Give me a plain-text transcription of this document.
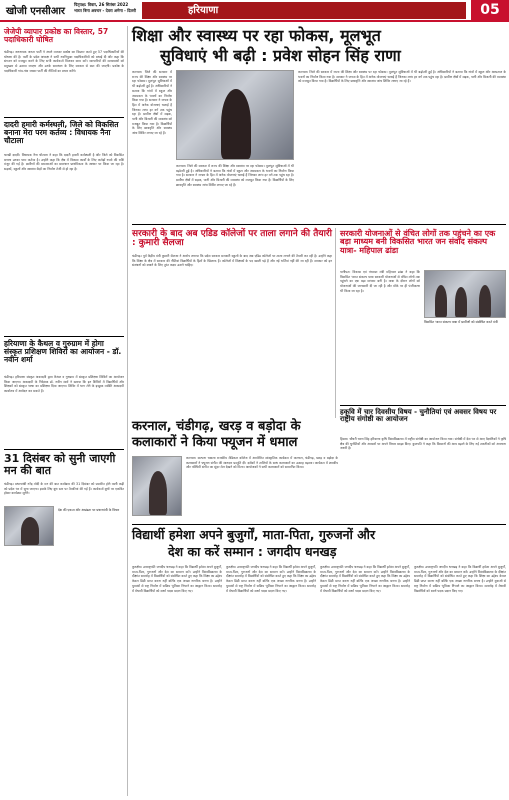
खोजी एनसीआर
पितृपक्ष: विवार, 26 सितंबर 2022
भारत बिना अवचन - देवरा अमेगा - दिल्ली	हरियाणा	05
जेजेपी व्यापार प्रकोष्ठ का विस्तार, 57 पदाधिकारी घोषित
चंडीगढ़। जननायक जनता पार्टी ने अपने व्यापार प्रकोष्ठ का विस्तार करते हुए 57 पदाधिकारियों की घोषणा की है। पार्टी के प्रदेश अध्यक्ष ने सभी नवनियुक्त पदाधिकारियों को बधाई दी और कहा कि संगठन को मजबूत करने के लिए सभी कार्यकर्ता मिलकर काम करें। व्यापारियों की समस्याओं को प्रमुखता से उठाया जाएगा और उनके समाधान के लिए सरकार से बात की जाएगी। प्रकोष्ठ के पदाधिकारी गांव-गांव जाकर पार्टी की नीतियों का प्रचार करेंगे।
दादरी हमारी कर्मस्थली, जिले को विकसित बनाना मेरा परम कर्तव्य : विधायक नैना चौटाला
चरखी दादरी। विधायक नैना चौटाला ने कहा कि दादरी हमारी कर्मस्थली है और जिले को विकसित बनाना उनका परम कर्तव्य है। उन्होंने कहा कि क्षेत्र में विकास कार्यों के लिए करोड़ों रुपये की राशि मंजूर की गई है। ग्रामीणों की समस्याओं का समाधान प्राथमिकता के आधार पर किया जा रहा है। सड़कों, स्कूलों और स्वास्थ्य केंद्रों का निर्माण तेजी से हो रहा है।
हरियाणा के कैथल व गुरुग्राम में होगा संस्कृत प्रशिक्षण शिविरों का आयोजन - डॉ. नवीन शर्मा
चंडीगढ़। हरियाणा संस्कृत अकादमी द्वारा कैथल व गुरुग्राम में संस्कृत प्रशिक्षण शिविरों का आयोजन किया जाएगा। अकादमी के निदेशक डॉ. नवीन शर्मा ने बताया कि इन शिविरों में विद्यार्थियों और शिक्षकों को संस्कृत भाषा का प्रशिक्षण दिया जाएगा। शिविर में भाग लेने के इच्छुक व्यक्ति अकादमी कार्यालय में आवेदन कर सकते हैं।
31 दिसंबर को सुनी जाएगी मन की बात
चंडीगढ़। प्रधानमंत्री नरेंद्र मोदी के मन की बात कार्यक्रम की 31 दिसंबर को प्रसारित होने वाली कड़ी को प्रदेश भर में सुना जाएगा। इसके लिए बूथ स्तर पर तैयारियां की गई हैं। कार्यकर्ता बूथों पर एकत्रित होकर कार्यक्रम सुनेंगे।
देश की एकता और अखंडता पर प्रधानमंत्री के विचार
शिक्षा और स्वास्थ्य पर रहा फोकस, मूलभूत
सुविधाएं भी बढ़ी : प्रवेश सोहन सिंह राणा
करनाल। जिले की सरकार में राज्य की शिक्षा और स्वास्थ्य पर रहा फोकस। मूलभूत सुविधाओं में भी बढ़ोतरी हुई है। अधिकारियों ने बताया कि गांवों में स्कूल और अस्पताल के भवनों का निर्माण किया गया है। सरकार ने जनता के हित में अनेक योजनाएं चलाई हैं जिनका लाभ हर वर्ग तक पहुंच रहा है। ग्रामीण क्षेत्रों में सड़क, पानी और बिजली की व्यवस्था को मजबूत किया गया है। विद्यार्थियों के लिए छात्रवृत्ति और स्वास्थ्य जांच शिविर लगाए जा रहे हैं।
करनाल। जिले की सरकार में राज्य की शिक्षा और स्वास्थ्य पर रहा फोकस। मूलभूत सुविधाओं में भी बढ़ोतरी हुई है। अधिकारियों ने बताया कि गांवों में स्कूल और अस्पताल के भवनों का निर्माण किया गया है। सरकार ने जनता के हित में अनेक योजनाएं चलाई हैं जिनका लाभ हर वर्ग तक पहुंच रहा है। ग्रामीण क्षेत्रों में सड़क, पानी और बिजली की व्यवस्था को मजबूत किया गया है। विद्यार्थियों के लिए छात्रवृत्ति और स्वास्थ्य जांच शिविर लगाए जा रहे हैं।
करनाल। जिले की सरकार में राज्य की शिक्षा और स्वास्थ्य पर रहा फोकस। मूलभूत सुविधाओं में भी बढ़ोतरी हुई है। अधिकारियों ने बताया कि गांवों में स्कूल और अस्पताल के भवनों का निर्माण किया गया है। सरकार ने जनता के हित में अनेक योजनाएं चलाई हैं जिनका लाभ हर वर्ग तक पहुंच रहा है। ग्रामीण क्षेत्रों में सड़क, पानी और बिजली की व्यवस्था को मजबूत किया गया है। विद्यार्थियों के लिए छात्रवृत्ति और स्वास्थ्य जांच शिविर लगाए जा रहे हैं।
सरकारी के बाद अब एडिड कॉलेजों पर ताला लगाने की तैयारी : कुमारी सैलजा
चंडीगढ़। पूर्व केंद्रीय मंत्री कुमारी सैलजा ने आरोप लगाया कि प्रदेश सरकार सरकारी स्कूलों के बाद अब एडिड कॉलेजों पर ताला लगाने की तैयारी कर रही है। उन्होंने कहा कि शिक्षा के क्षेत्र में सरकार की नीतियां विद्यार्थियों के हितों के खिलाफ हैं। कॉलेजों में शिक्षकों के पद खाली पड़े हैं और नई भर्तियां नहीं की जा रही हैं। सरकार को इन संस्थानों को बचाने के लिए तुरंत कदम उठाने चाहिए।
सरकारी योजनाओं से वंचित लोगों तक पहुंचने का एक बड़ा माध्यम बनी विकसित भारत जन संवाद संकल्प यात्रा- महिपाल ढांडा
पानीपत। विकास एवं पंचायत मंत्री महिपाल ढांडा ने कहा कि विकसित भारत संकल्प यात्रा सरकारी योजनाओं से वंचित लोगों तक पहुंचने का एक बड़ा माध्यम बनी है। यात्रा के दौरान लोगों को योजनाओं की जानकारी दी जा रही है और मौके पर ही पंजीकरण भी किया जा रहा है।
विकसित भारत संकल्प यात्रा में ग्रामीणों को संबोधित करते मंत्री
हकृवि में चार दिवसीय विषय - चुनौतियां एवं अवसर विषय पर राष्ट्रीय संगोष्ठी का आयोजन
हिसार। चौधरी चरण सिंह हरियाणा कृषि विश्वविद्यालय में राष्ट्रीय संगोष्ठी का आयोजन किया गया। संगोष्ठी में देश भर से आए वैज्ञानिकों ने कृषि क्षेत्र की चुनौतियों और अवसरों पर अपने विचार साझा किए। कुलपति ने कहा कि किसानों की आय बढ़ाने के लिए नई तकनीकों को अपनाना जरूरी है।
करनाल, चंडीगढ़, खरड़ व बड़ोदा के
कलाकारों ने किया फ्यूजन में धमाल
करनाल। कल्पना चावला राजकीय मेडिकल कॉलेज में आयोजित सांस्कृतिक कार्यक्रम में करनाल, चंडीगढ़, खरड़ व बड़ोदा के कलाकारों ने फ्यूजन संगीत की शानदार प्रस्तुति दी। दर्शकों ने तालियों के साथ कलाकारों का उत्साह बढ़ाया। कार्यक्रम में शास्त्रीय और पश्चिमी संगीत का सुंदर मेल देखने को मिला। आयोजकों ने सभी कलाकारों को सम्मानित किया।
विद्यार्थी हमेशा अपने बुजुर्गों, माता-पिता, गुरुजनों और
देश का करें सम्मान : जगदीप धनखड़
कुरुक्षेत्र। उपराष्ट्रपति जगदीप धनखड़ ने कहा कि विद्यार्थी हमेशा अपने बुजुर्गों, माता-पिता, गुरुजनों और देश का सम्मान करें। उन्होंने विश्वविद्यालय के दीक्षांत समारोह में विद्यार्थियों को संबोधित करते हुए कहा कि शिक्षा का उद्देश्य केवल डिग्री प्राप्त करना नहीं बल्कि एक अच्छा नागरिक बनना है। उन्होंने युवाओं से राष्ट्र निर्माण में सक्रिय भूमिका निभाने का आह्वान किया। समारोह में मेधावी विद्यार्थियों को स्वर्ण पदक प्रदान किए गए।
कुरुक्षेत्र। उपराष्ट्रपति जगदीप धनखड़ ने कहा कि विद्यार्थी हमेशा अपने बुजुर्गों, माता-पिता, गुरुजनों और देश का सम्मान करें। उन्होंने विश्वविद्यालय के दीक्षांत समारोह में विद्यार्थियों को संबोधित करते हुए कहा कि शिक्षा का उद्देश्य केवल डिग्री प्राप्त करना नहीं बल्कि एक अच्छा नागरिक बनना है। उन्होंने युवाओं से राष्ट्र निर्माण में सक्रिय भूमिका निभाने का आह्वान किया। समारोह में मेधावी विद्यार्थियों को स्वर्ण पदक प्रदान किए गए।
कुरुक्षेत्र। उपराष्ट्रपति जगदीप धनखड़ ने कहा कि विद्यार्थी हमेशा अपने बुजुर्गों, माता-पिता, गुरुजनों और देश का सम्मान करें। उन्होंने विश्वविद्यालय के दीक्षांत समारोह में विद्यार्थियों को संबोधित करते हुए कहा कि शिक्षा का उद्देश्य केवल डिग्री प्राप्त करना नहीं बल्कि एक अच्छा नागरिक बनना है। उन्होंने युवाओं से राष्ट्र निर्माण में सक्रिय भूमिका निभाने का आह्वान किया। समारोह में मेधावी विद्यार्थियों को स्वर्ण पदक प्रदान किए गए।
कुरुक्षेत्र। उपराष्ट्रपति जगदीप धनखड़ ने कहा कि विद्यार्थी हमेशा अपने बुजुर्गों, माता-पिता, गुरुजनों और देश का सम्मान करें। उन्होंने विश्वविद्यालय के दीक्षांत समारोह में विद्यार्थियों को संबोधित करते हुए कहा कि शिक्षा का उद्देश्य केवल डिग्री प्राप्त करना नहीं बल्कि एक अच्छा नागरिक बनना है। उन्होंने युवाओं से राष्ट्र निर्माण में सक्रिय भूमिका निभाने का आह्वान किया। समारोह में मेधावी विद्यार्थियों को स्वर्ण पदक प्रदान किए गए।
